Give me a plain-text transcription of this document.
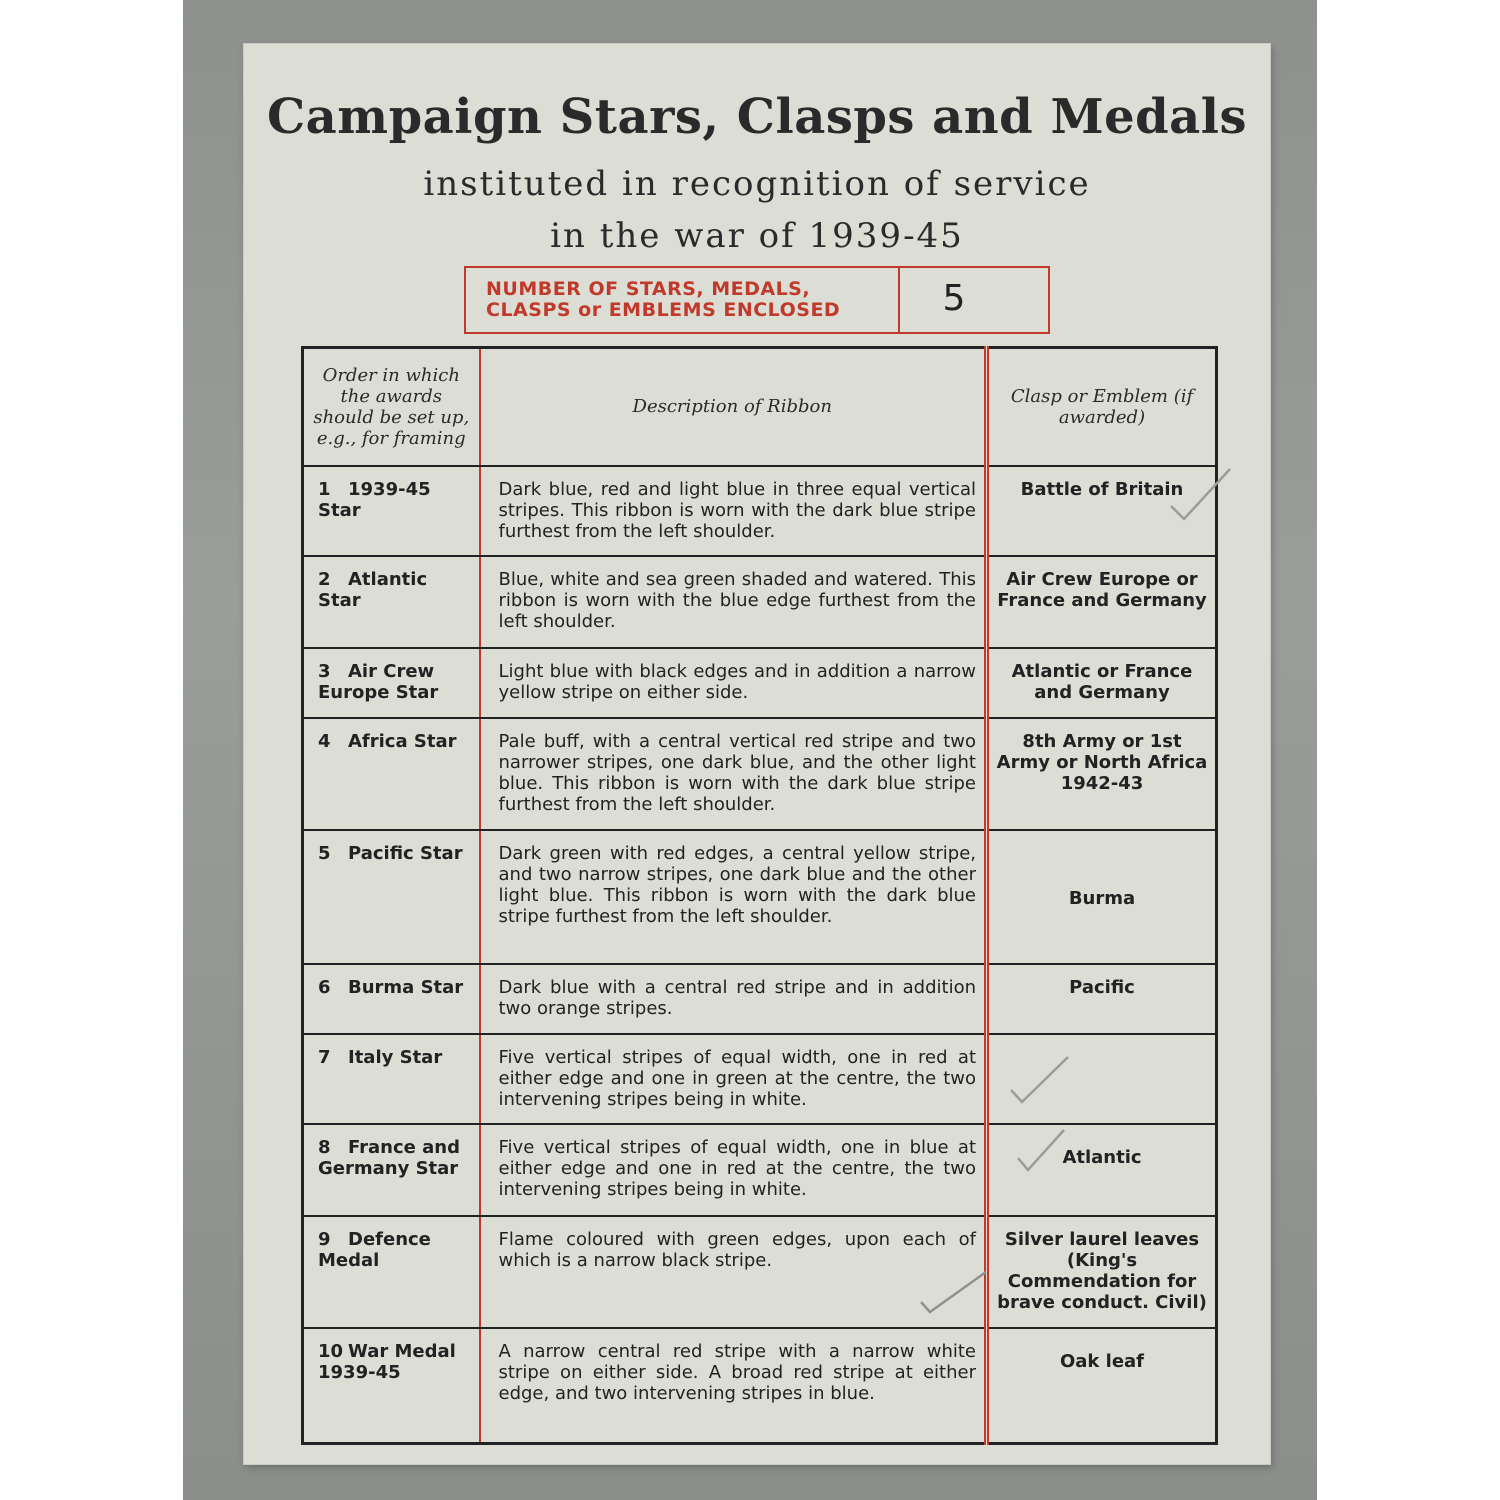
Campaign Stars, Clasps and Medals
instituted in recognition of service
in the war of 1939-45
NUMBER OF STARS, MEDALS,
CLASPS or EMBLEMS ENCLOSED	5
Order in which the awards should be set up, e.g., for framing	Description of Ribbon	Clasp or Emblem (if awarded)
1 1939-45 Star	Dark blue, red and light blue in three equal vertical stripes. This ribbon is worn with the dark blue stripe furthest from the left shoulder.	Battle of Britain
2 Atlantic Star	Blue, white and sea green shaded and watered. This ribbon is worn with the blue edge furthest from the left shoulder.	Air Crew Europe or France and Germany
3 Air Crew Europe Star	Light blue with black edges and in addition a narrow yellow stripe on either side.	Atlantic or France and Germany
4 Africa Star	Pale buff, with a central vertical red stripe and two narrower stripes, one dark blue, and the other light blue. This ribbon is worn with the dark blue stripe furthest from the left shoulder.	8th Army or 1st Army or North Africa 1942-43
5 Pacific Star	Dark green with red edges, a central yellow stripe, and two narrow stripes, one dark blue and the other light blue. This ribbon is worn with the dark blue stripe furthest from the left shoulder.	Burma
6 Burma Star	Dark blue with a central red stripe and in addition two orange stripes.	Pacific
7 Italy Star	Five vertical stripes of equal width, one in red at either edge and one in green at the centre, the two intervening stripes being in white.	
8 France and Germany Star	Five vertical stripes of equal width, one in blue at either edge and one in red at the centre, the two intervening stripes being in white.	Atlantic
9 Defence Medal	Flame coloured with green edges, upon each of which is a narrow black stripe.	Silver laurel leaves (King's Commendation for brave conduct. Civil)
10 War Medal 1939-45	A narrow central red stripe with a narrow white stripe on either side. A broad red stripe at either edge, and two intervening stripes in blue.	Oak leaf
